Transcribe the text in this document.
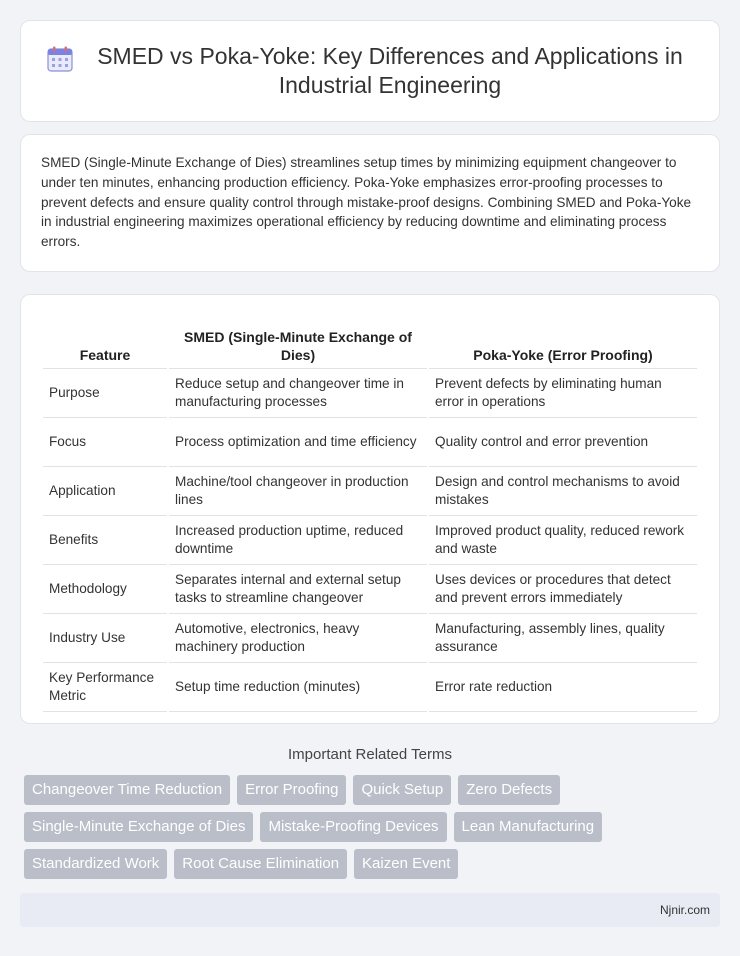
SMED vs Poka-Yoke: Key Differences and Applications in Industrial Engineering

SMED (Single-Minute Exchange of Dies) streamlines setup times by minimizing equipment changeover to under ten minutes, enhancing production efficiency. Poka-Yoke emphasizes error-proofing processes to prevent defects and ensure quality control through mistake-proof designs. Combining SMED and Poka-Yoke in industrial engineering maximizes operational efficiency by reducing downtime and eliminating process errors.

Feature	SMED (Single-Minute Exchange of Dies)	Poka-Yoke (Error Proofing)
Purpose	Reduce setup and changeover time in manufacturing processes	Prevent defects by eliminating human error in operations
Focus	Process optimization and time efficiency	Quality control and error prevention
Application	Machine/tool changeover in production lines	Design and control mechanisms to avoid mistakes
Benefits	Increased production uptime, reduced downtime	Improved product quality, reduced rework and waste
Methodology	Separates internal and external setup tasks to streamline changeover	Uses devices or procedures that detect and prevent errors immediately
Industry Use	Automotive, electronics, heavy machinery production	Manufacturing, assembly lines, quality assurance
Key Performance Metric	Setup time reduction (minutes)	Error rate reduction
Important Related Terms
Changeover Time Reduction	Error Proofing	Quick Setup	Zero Defects
Single-Minute Exchange of Dies	Mistake-Proofing Devices	Lean Manufacturing
Standardized Work	Root Cause Elimination	Kaizen Event
Njnir.com
